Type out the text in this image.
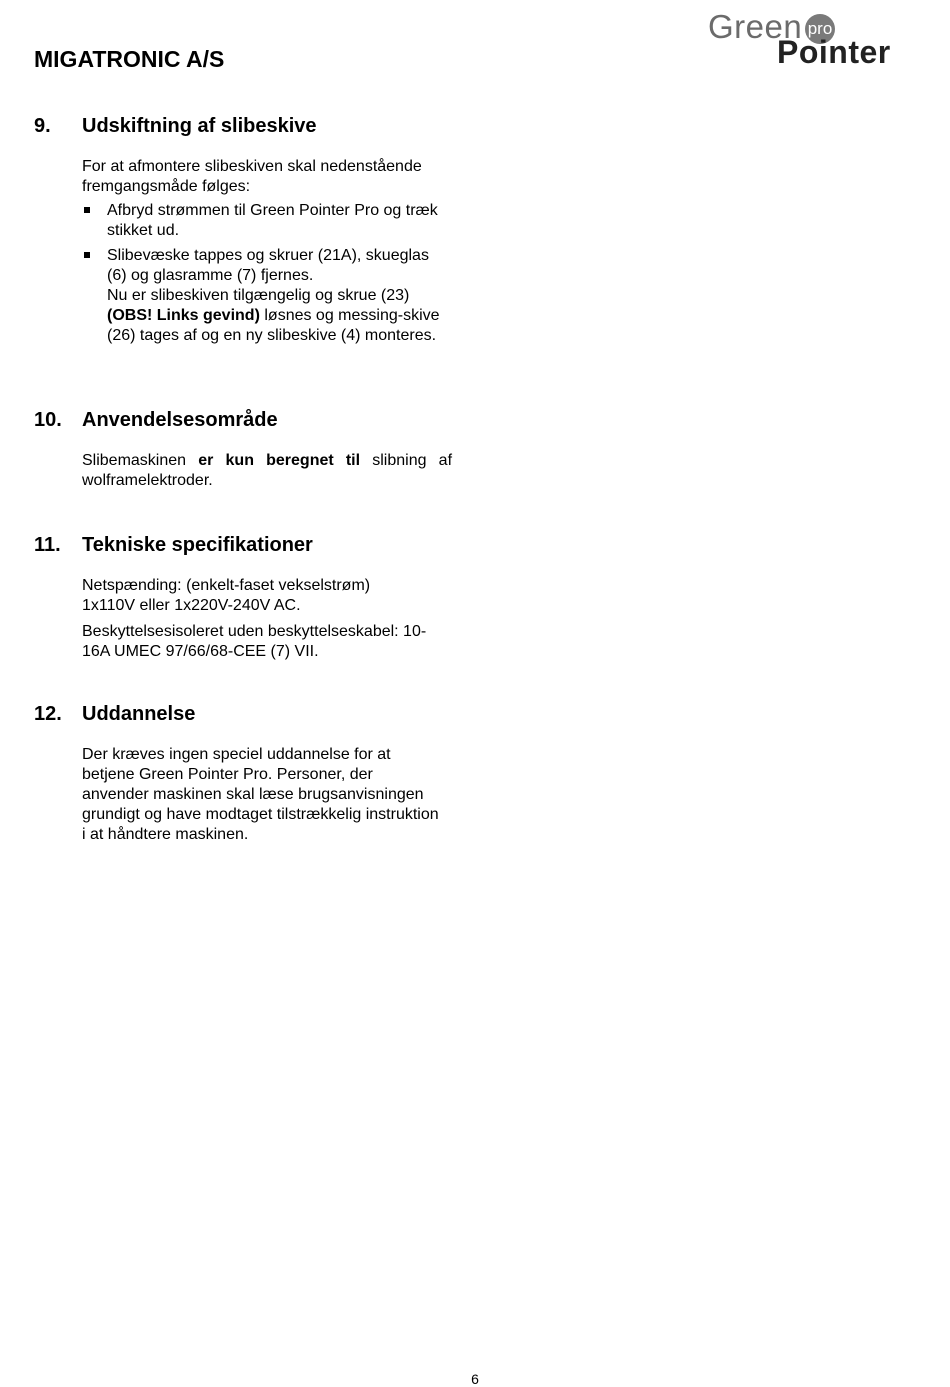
MIGATRONIC A/S
Green pro
Pointer
9. Udskiftning af slibeskive

For at afmontere slibeskiven skal nedenstående fremgangsmåde følges:

Afbryd strømmen til Green Pointer Pro og træk stikket ud.
Slibevæske tappes og skruer (21A), skueglas (6) og glasramme (7) fjernes.
Nu er slibeskiven tilgængelig og skrue (23) (OBS! Links gevind) løsnes og messing-skive (26) tages af og en ny slibeskive (4) monteres.
10. Anvendelsesområde

Slibemaskinen er kun beregnet til slibning af wolframelektroder.

11. Tekniske specifikationer

Netspænding: (enkelt-faset vekselstrøm) 1x110V eller 1x220V-240V AC.

Beskyttelsesisoleret uden beskyttelseskabel: 10-16A UMEC 97/66/68-CEE (7) VII.

12. Uddannelse

Der kræves ingen speciel uddannelse for at betjene Green Pointer Pro. Personer, der anvender maskinen skal læse brugsanvisningen grundigt og have modtaget tilstrækkelig instruktion i at håndtere maskinen.

6
